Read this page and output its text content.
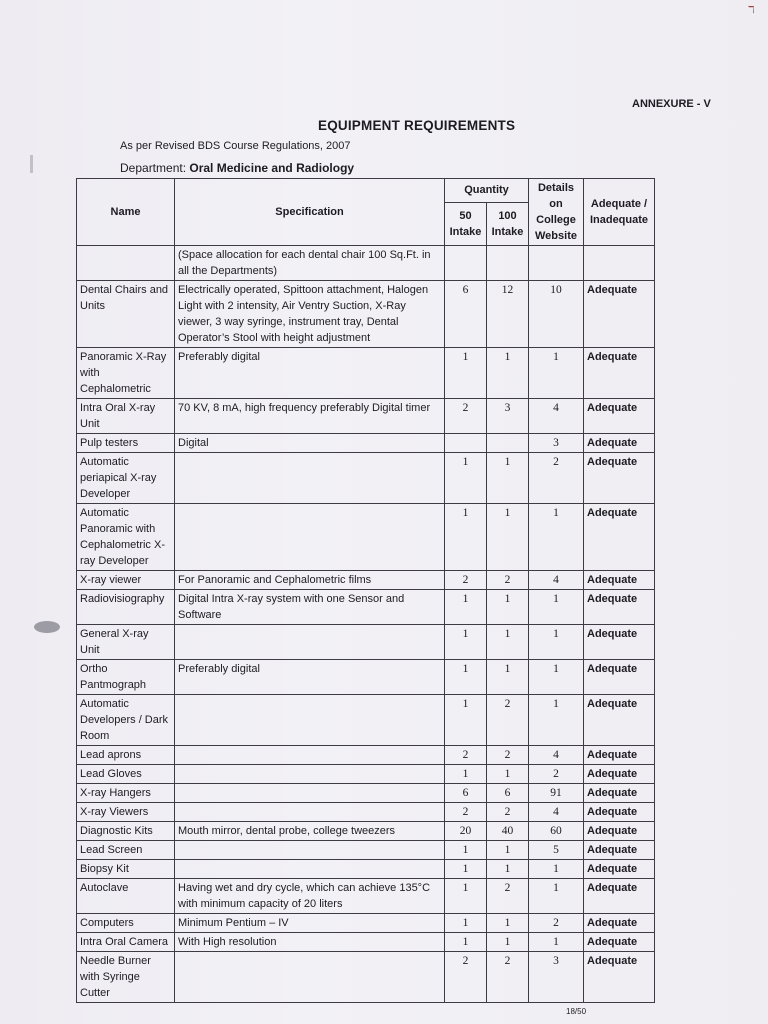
ℸ
ANNEXURE - V
EQUIPMENT REQUIREMENTS
As per Revised BDS Course Regulations, 2007
Department: Oral Medicine and Radiology
Name	Specification	Quantity		Details on College Website	Adequate / Inadequate
		50 Intake	100 Intake		
	(Space allocation for each dental chair 100 Sq.Ft. in all the Departments)				
Dental Chairs and Units	Electrically operated, Spittoon attachment, Halogen Light with 2 intensity, Air Ventry Suction, X-Ray viewer, 3 way syringe, instrument tray, Dental Operator’s Stool with height adjustment	6	12	10	Adequate
Panoramic X-Ray with Cephalometric	Preferably digital	1	1	1	Adequate
Intra Oral X-ray Unit	70 KV, 8 mA, high frequency preferably Digital timer	2	3	4	Adequate
Pulp testers	Digital			3	Adequate
Automatic periapical X-ray Developer		1	1	2	Adequate
Automatic Panoramic with Cephalometric X-ray Developer		1	1	1	Adequate
X-ray viewer	For Panoramic and Cephalometric films	2	2	4	Adequate
Radiovisiography	Digital Intra X-ray system with one Sensor and Software	1	1	1	Adequate
General X-ray Unit		1	1	1	Adequate
Ortho Pantmograph	Preferably digital	1	1	1	Adequate
Automatic Developers / Dark Room		1	2	1	Adequate
Lead aprons		2	2	4	Adequate
Lead Gloves		1	1	2	Adequate
X-ray Hangers		6	6	91	Adequate
X-ray Viewers		2	2	4	Adequate
Diagnostic Kits	Mouth mirror, dental probe, college tweezers	20	40	60	Adequate
Lead Screen		1	1	5	Adequate
Biopsy Kit		1	1	1	Adequate
Autoclave	Having wet and dry cycle, which can achieve 135°C with minimum capacity of 20 liters	1	2	1	Adequate
Computers	Minimum Pentium – IV	1	1	2	Adequate
Intra Oral Camera	With High resolution	1	1	1	Adequate
Needle Burner with Syringe Cutter		2	2	3	Adequate
18/50
